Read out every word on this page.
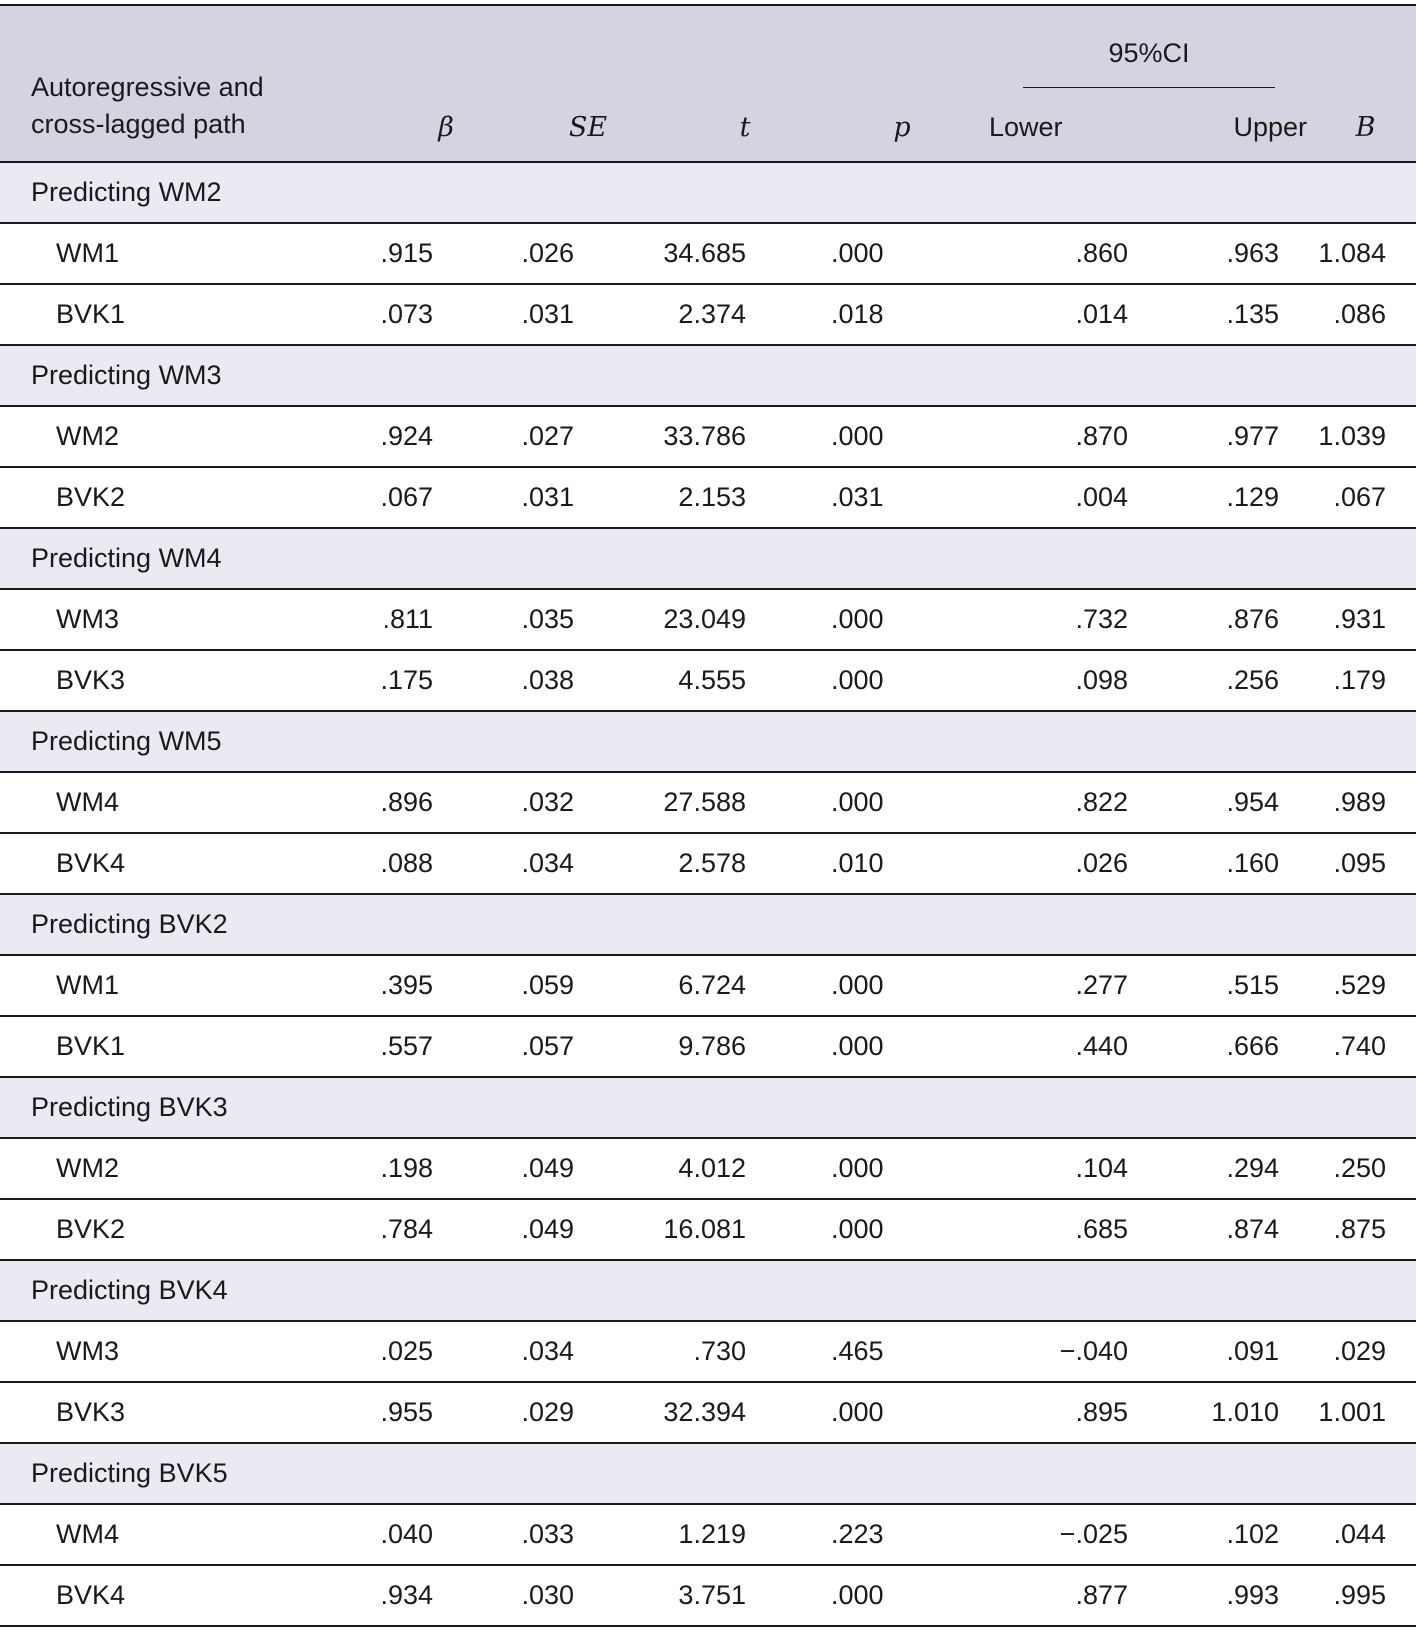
Autoregressive and
cross-lagged path	β	SE	t	p	95%CI		B
					Lower	Upper	
Predicting WM2							
WM1	.915	.026	34.685	.000	.860	.963	1.084
BVK1	.073	.031	2.374	.018	.014	.135	.086
Predicting WM3							
WM2	.924	.027	33.786	.000	.870	.977	1.039
BVK2	.067	.031	2.153	.031	.004	.129	.067
Predicting WM4							
WM3	.811	.035	23.049	.000	.732	.876	.931
BVK3	.175	.038	4.555	.000	.098	.256	.179
Predicting WM5							
WM4	.896	.032	27.588	.000	.822	.954	.989
BVK4	.088	.034	2.578	.010	.026	.160	.095
Predicting BVK2							
WM1	.395	.059	6.724	.000	.277	.515	.529
BVK1	.557	.057	9.786	.000	.440	.666	.740
Predicting BVK3							
WM2	.198	.049	4.012	.000	.104	.294	.250
BVK2	.784	.049	16.081	.000	.685	.874	.875
Predicting BVK4							
WM3	.025	.034	.730	.465	−.040	.091	.029
BVK3	.955	.029	32.394	.000	.895	1.010	1.001
Predicting BVK5							
WM4	.040	.033	1.219	.223	−.025	.102	.044
BVK4	.934	.030	3.751	.000	.877	.993	.995
